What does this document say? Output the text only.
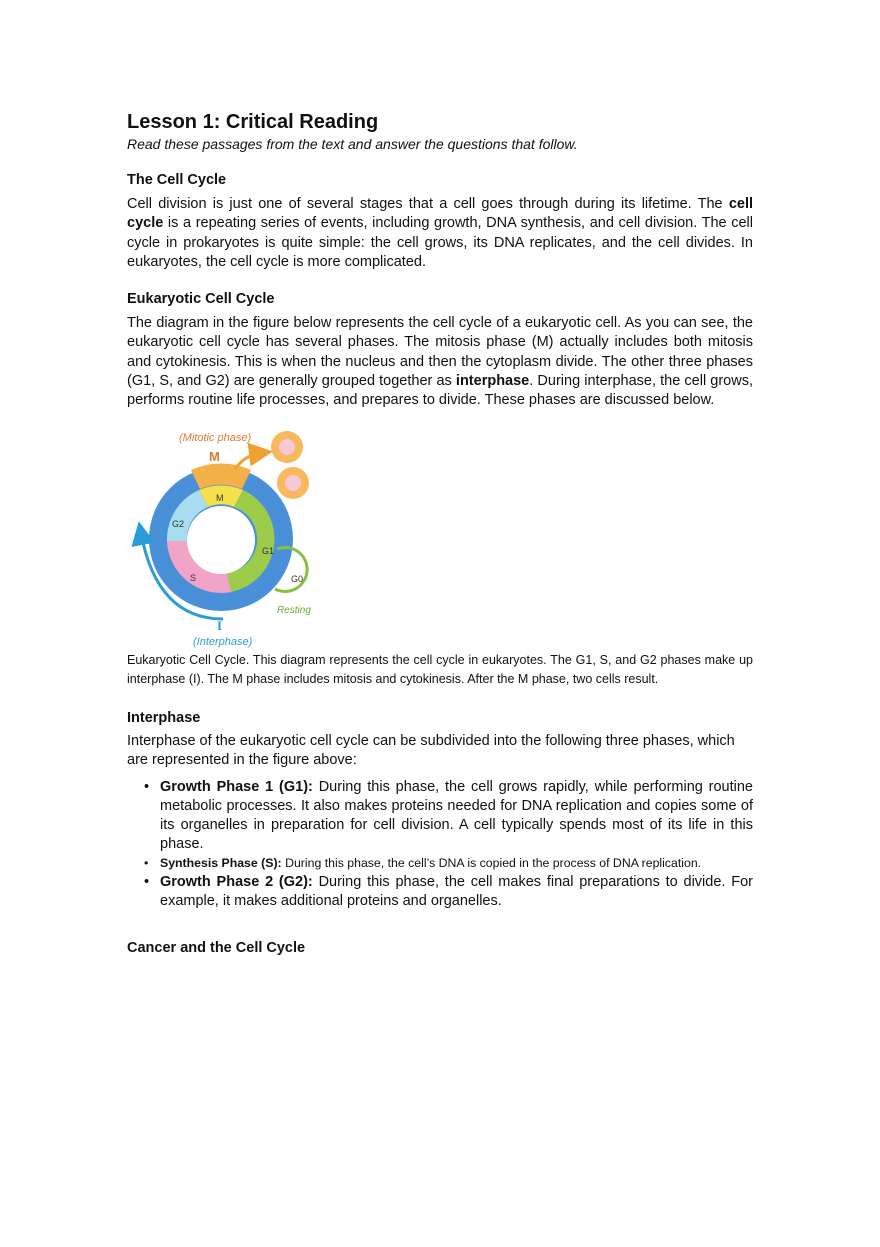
Lesson 1: Critical Reading
Read these passages from the text and answer the questions that follow.
The Cell Cycle

Cell division is just one of several stages that a cell goes through during its lifetime. The cell cycle is a repeating series of events, including growth, DNA synthesis, and cell division. The cell cycle in prokaryotes is quite simple: the cell grows, its DNA replicates, and the cell divides. In eukaryotes, the cell cycle is more complicated.

Eukaryotic Cell Cycle

The diagram in the figure below represents the cell cycle of a eukaryotic cell. As you can see, the eukaryotic cell cycle has several phases. The mitosis phase (M) actually includes both mitosis and cytokinesis. This is when the nucleus and then the cytoplasm divide. The other three phases (G1, S, and G2) are generally grouped together as interphase. During interphase, the cell grows, performs routine life processes, and prepares to divide. These phases are discussed below.

(Mitotic phase)
M
M
G2
G1
S	G0
Resting
I
(Interphase)
Eukaryotic Cell Cycle. This diagram represents the cell cycle in eukaryotes. The G1, S, and G2 phases make up interphase (I). The M phase includes mitosis and cytokinesis. After the M phase, two cells result.
Interphase

Interphase of the eukaryotic cell cycle can be subdivided into the following three phases, which are represented in the figure above:

• Growth Phase 1 (G1): During this phase, the cell grows rapidly, while performing routine metabolic processes. It also makes proteins needed for DNA replication and copies some of its organelles in preparation for cell division. A cell typically spends most of its life in this phase.
• Synthesis Phase (S): During this phase, the cell’s DNA is copied in the process of DNA replication.
• Growth Phase 2 (G2): During this phase, the cell makes final preparations to divide. For example, it makes additional proteins and organelles.
Cancer and the Cell Cycle
